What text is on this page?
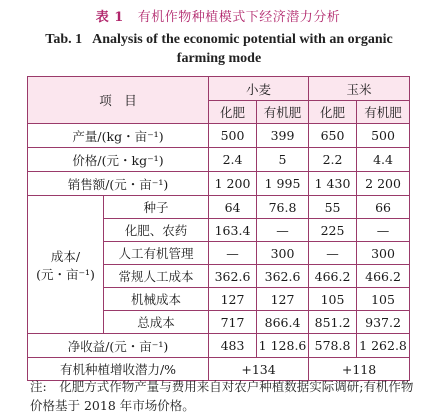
表 1 有机作物种植模式下经济潜力分析
Tab. 1 Analysis of the economic potential with an organic farming mode
项　目		小麦		玉米	
		化肥	有机肥	化肥	有机肥
产量/(kg・亩⁻¹)		500	399	650	500
价格/(元・kg⁻¹)		2.4	5	2.2	4.4
销售额/(元・亩⁻¹)		1 200	1 995	1 430	2 200
成本/
(元・亩⁻¹)	种子	64	76.8	55	66
	化肥、农药	163.4	—	225	—
	人工有机管理	—	300	—	300
	常规人工成本	362.6	362.6	466.2	466.2
	机械成本	127	127	105	105
	总成本	717	866.4	851.2	937.2
净收益/(元・亩⁻¹)		483	1 128.6	578.8	1 262.8
有机种植增收潜力/%		+134		+118	
注:　化肥方式作物产量与费用来自对农户种植数据实际调研;有机作物价格基于 2018 年市场价格。
